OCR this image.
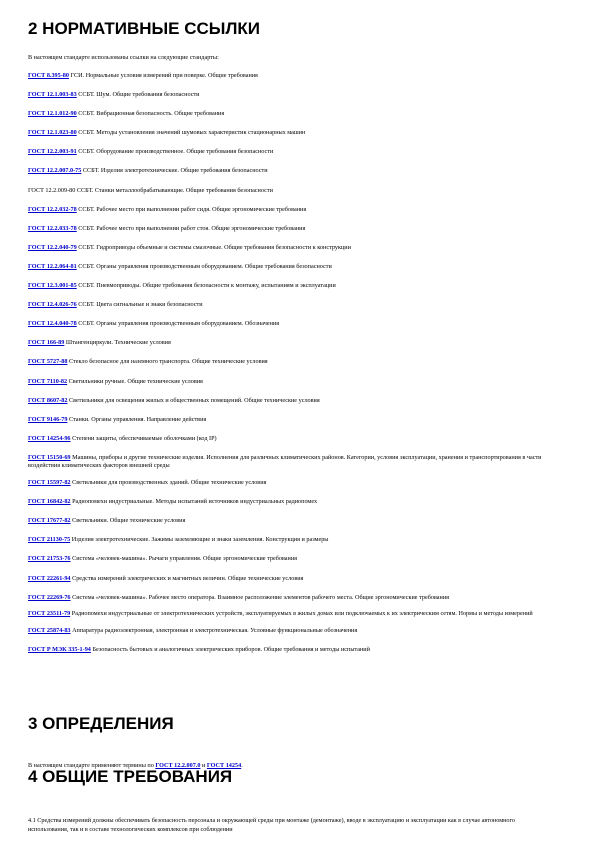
2 НОРМАТИВНЫЕ ССЫЛКИ

В настоящем стандарте использованы ссылки на следующие стандарты:

ГОСТ 8.395-80 ГСИ. Нормальные условия измерений при поверке. Общие требования

ГОСТ 12.1.003-83 ССБТ. Шум. Общие требования безопасности

ГОСТ 12.1.012-90 ССБТ. Вибрационная безопасность. Общие требования

ГОСТ 12.1.023-80 ССБТ. Методы установления значений шумовых характеристик стационарных машин

ГОСТ 12.2.003-91 ССБТ. Оборудование производственное. Общие требования безопасности

ГОСТ 12.2.007.0-75 ССБТ. Изделия электротехнические. Общие требования безопасности

ГОСТ 12.2.009-80 ССБТ. Станки металлообрабатывающие. Общие требования безопасности

ГОСТ 12.2.032-78 ССБТ. Рабочее место при выполнении работ сидя. Общие эргономические требования

ГОСТ 12.2.033-78 ССБТ. Рабочее место при выполнении работ стоя. Общие эргономические требования

ГОСТ 12.2.040-79 ССБТ. Гидроприводы объемные и системы смазочные. Общие требования безопасности к конструкции

ГОСТ 12.2.064-81 ССБТ. Органы управления производственным оборудованием. Общие требования безопасности

ГОСТ 12.3.001-85 ССБТ. Пневмоприводы. Общие требования безопасности к монтажу, испытаниям и эксплуатации

ГОСТ 12.4.026-76 ССБТ. Цвета сигнальные и знаки безопасности

ГОСТ 12.4.040-78 ССБТ. Органы управления производственным оборудованием. Обозначения

ГОСТ 166-89 Штангенциркули. Технические условия

ГОСТ 5727-88 Стекло безопасное для наземного транспорта. Общие технические условия

ГОСТ 7110-82 Светильники ручные. Общие технические условия

ГОСТ 8607-82 Светильники для освещения жилых и общественных помещений. Общие технические условия

ГОСТ 9146-79 Станки. Органы управления. Направление действия

ГОСТ 14254-96 Степени защиты, обеспечиваемые оболочками (код IP)

ГОСТ 15150-69 Машины, приборы и другие технические изделия. Исполнения для различных климатических районов. Категории, условия эксплуатации, хранения и транспортирования в части воздействия климатических факторов внешней среды

ГОСТ 15597-82 Светильники для производственных зданий. Общие технические условия

ГОСТ 16842-82 Радиопомехи индустриальные. Методы испытаний источников индустриальных радиопомех

ГОСТ 17677-82 Светильники. Общие технические условия

ГОСТ 21130-75 Изделия электротехнические. Зажимы заземляющие и знаки заземления. Конструкция и размеры

ГОСТ 21753-76 Система «человек-машина». Рычаги управления. Общие эргономические требования

ГОСТ 22261-94 Средства измерений электрических и магнитных величин. Общие технические условия

ГОСТ 22269-76 Система «человек-машина». Рабочее место оператора. Взаимное расположение элементов рабочего места. Общие эргономические требования

ГОСТ 23511-79 Радиопомехи индустриальные от электротехнических устройств, эксплуатируемых в жилых домах или подключаемых к их электрическим сетям. Нормы и методы измерений

ГОСТ 25874-83 Аппаратура радиоэлектронная, электронная и электротехническая. Условные функциональные обозначения

ГОСТ Р МЭК 335-1-94 Безопасность бытовых и аналогичных электрических приборов. Общие требования и методы испытаний

3 ОПРЕДЕЛЕНИЯ

В настоящем стандарте применяют термины по ГОСТ 12.2.007.0 и ГОСТ 14254.

4 ОБЩИЕ ТРЕБОВАНИЯ

4.1 Средства измерений должны обеспечивать безопасность персонала и окружающей среды при монтаже (демонтаже), вводе в эксплуатацию и эксплуатации как в случае автономного использования, так и в составе технологических комплексов при соблюдении
